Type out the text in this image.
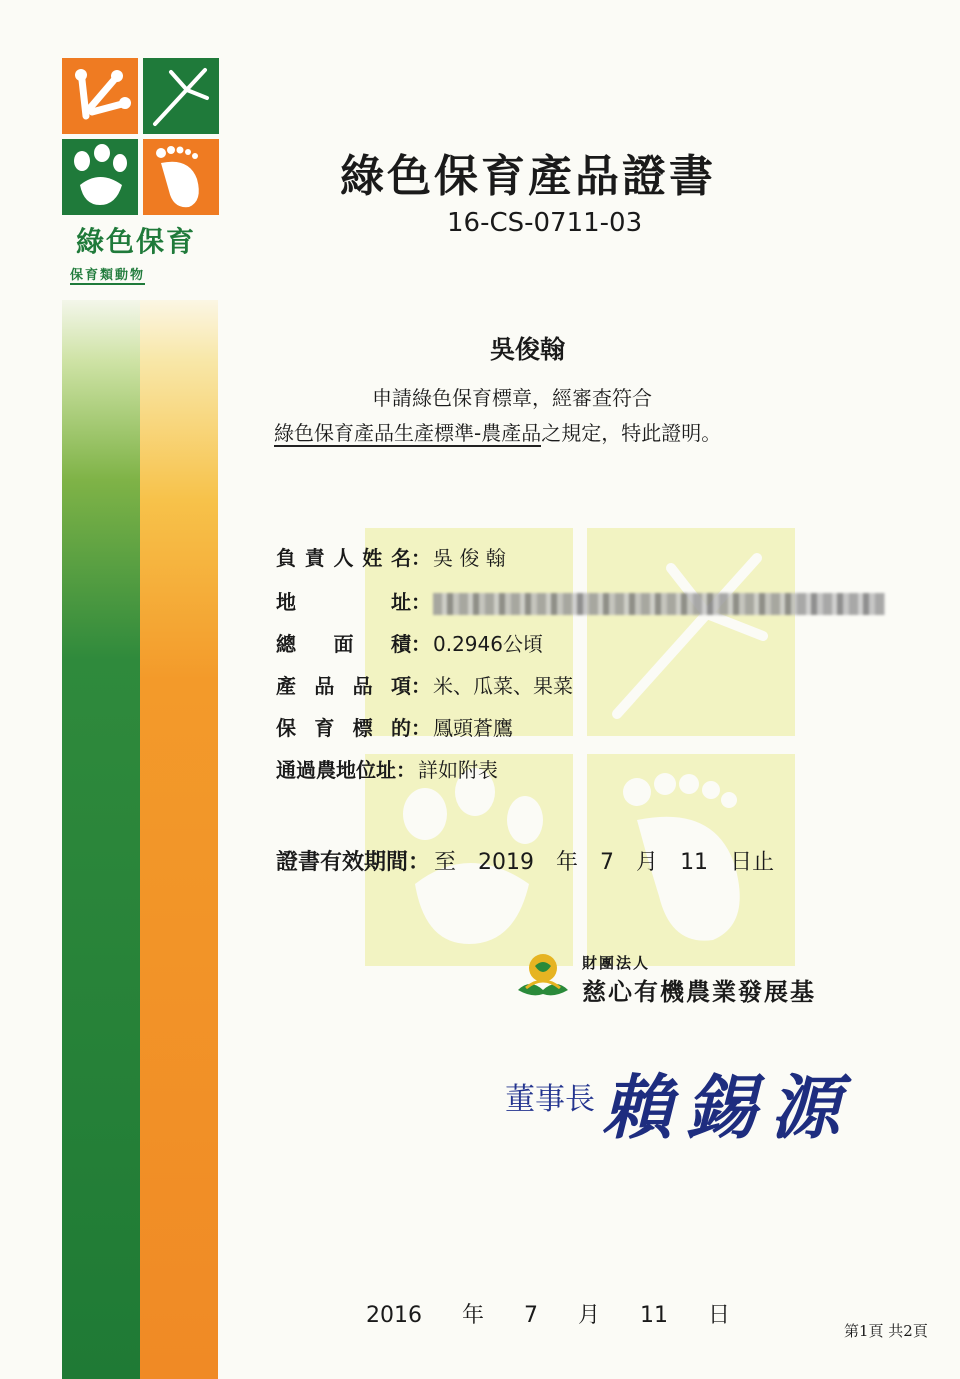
綠色保育
保育類動物
綠色保育產品證書
16-CS-0711-03
吳俊翰
申請綠色保育標章，經審查符合
綠色保育產品生產標準-農產品之規定，特此證明。
負責人姓名： 吳 俊 翰
地址：
總面積： 0.2946公頃
產品品項： 米、瓜菜、果菜
保育標的： 鳳頭蒼鷹
通過農地位址： 詳如附表
證書有效期間： 至 2019 年 7 月 11 日止
財團法人
慈心有機農業發展基
董事長 賴錫源
2016 年 7 月 11 日
第1頁 共2頁
